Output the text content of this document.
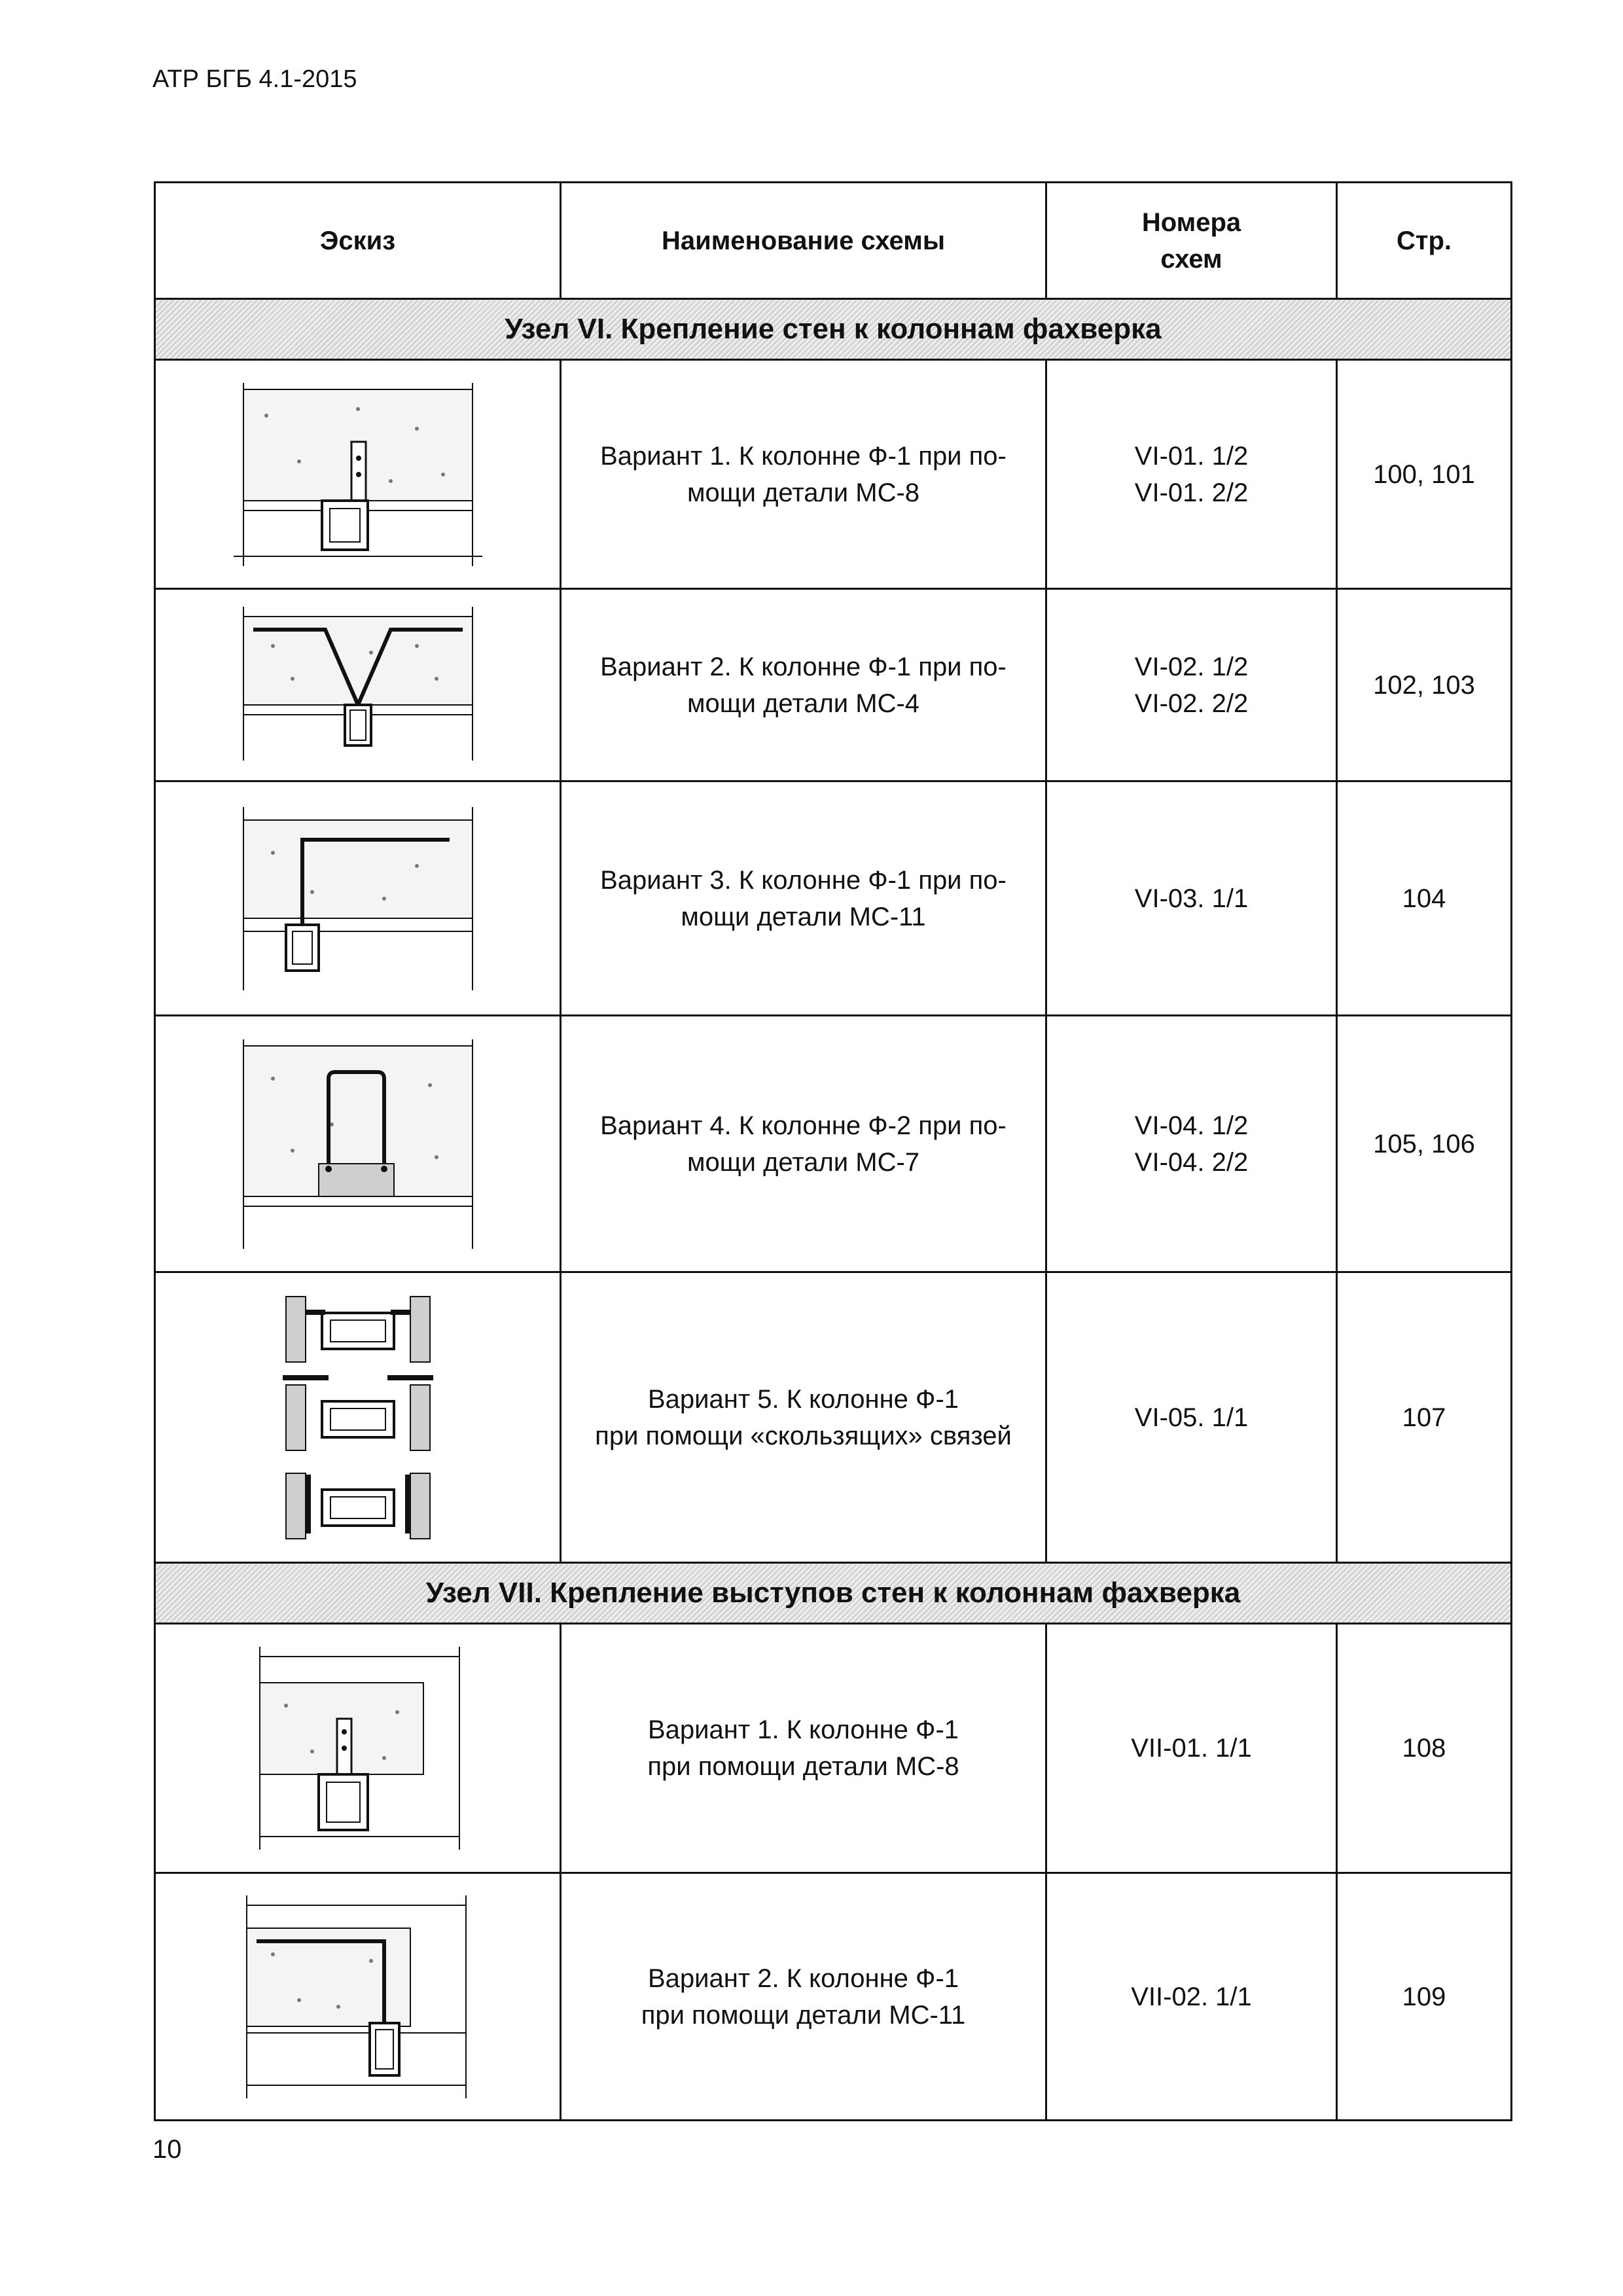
АТР БГБ 4.1-2015
Эскиз	Наименование схемы	Номера
схем	Стр.
Узел VI. Крепление стен к колоннам фахверка			

	Вариант 1. К колонне Ф-1 при по-
мощи детали МС-8	VI-01. 1/2
VI-01. 2/2	100, 101

	Вариант 2. К колонне Ф-1 при по-
мощи детали МС-4	VI-02. 1/2
VI-02. 2/2	102, 103

	Вариант 3. К колонне Ф-1 при по-
мощи детали МС-11	VI-03. 1/1	104

	Вариант 4. К колонне Ф-2 при по-
мощи детали МС-7	VI-04. 1/2
VI-04. 2/2	105, 106

	Вариант 5. К колонне Ф-1
при помощи «скользящих» связей	VI-05. 1/1	107
Узел VII. Крепление выступов стен к колоннам фахверка			

	Вариант 1. К колонне Ф-1
при помощи детали МС-8	VII-01. 1/1	108

	Вариант 2. К колонне Ф-1
при помощи детали МС-11	VII-02. 1/1	109
10
